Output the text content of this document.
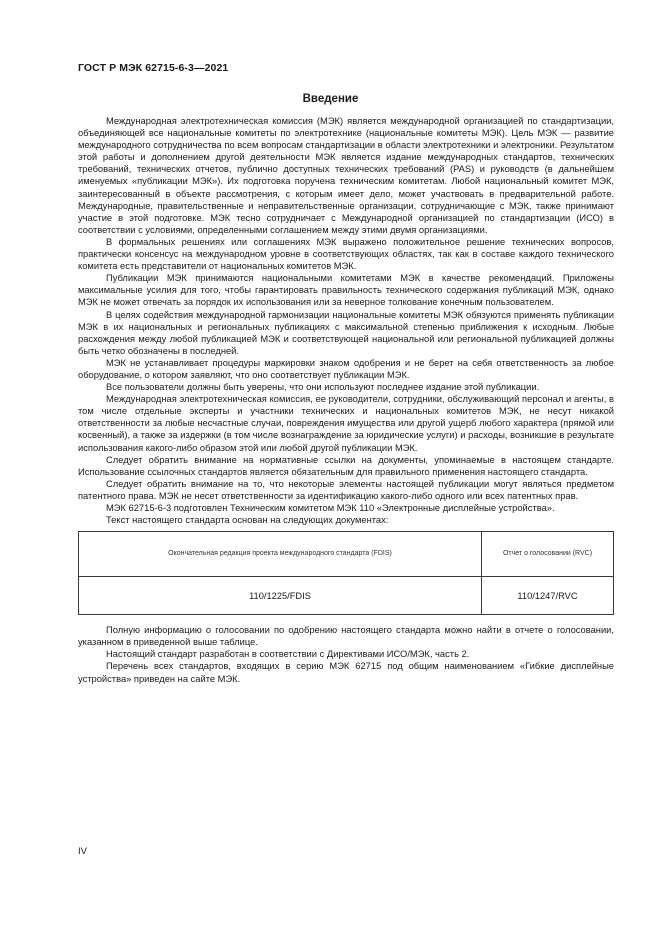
ГОСТ Р МЭК 62715-6-3—2021
Введение

Международная электротехническая комиссия (МЭК) является международной организацией по стандартизации, объединяющей все национальные комитеты по электротехнике (национальные комитеты МЭК). Цель МЭК — развитие международного сотрудничества по всем вопросам стандартизации в области электротехники и электроники. Результатом этой работы и дополнением другой деятельности МЭК является издание международных стандартов, технических требований, технических отчетов, публично доступных технических требований (PAS) и руководств (в дальнейшем именуемых «публикации МЭК»). Их подготовка поручена техническим комитетам. Любой национальный комитет МЭК, заинтересованный в объекте рассмотрения, с которым имеет дело, может участвовать в предварительной работе. Международные, правительственные и неправительственные организации, сотрудничающие с МЭК, также принимают участие в этой подготовке. МЭК тесно сотрудничает с Международной организацией по стандартизации (ИСО) в соответствии с условиями, определенными соглашением между этими двумя организациями.

В формальных решениях или соглашениях МЭК выражено положительное решение технических вопросов, практически консенсус на международном уровне в соответствующих областях, так как в составе каждого технического комитета есть представители от национальных комитетов МЭК.

Публикации МЭК принимаются национальными комитетами МЭК в качестве рекомендаций. Приложены максимальные усилия для того, чтобы гарантировать правильность технического содержания публикаций МЭК, однако МЭК не может отвечать за порядок их использования или за неверное толкование конечным пользователем.

В целях содействия международной гармонизации национальные комитеты МЭК обязуются применять публикации МЭК в их национальных и региональных публикациях с максимальной степенью приближения к исходным. Любые расхождения между любой публикацией МЭК и соответствующей национальной или региональной публикацией должны быть четко обозначены в последней.

МЭК не устанавливает процедуры маркировки знаком одобрения и не берет на себя ответственность за любое оборудование, о котором заявляют, что оно соответствует публикации МЭК.

Все пользователи должны быть уверены, что они используют последнее издание этой публикации.

Международная электротехническая комиссия, ее руководители, сотрудники, обслуживающий персонал и агенты, в том числе отдельные эксперты и участники технических и национальных комитетов МЭК, не несут никакой ответственности за любые несчастные случаи, повреждения имущества или другой ущерб любого характера (прямой или косвенный), а также за издержки (в том числе вознаграждение за юридические услуги) и расходы, возникшие в результате использования какого-либо образом этой или любой другой публикации МЭК.

Следует обратить внимание на нормативные ссылки на документы, упоминаемые в настоящем стандарте. Использование ссылочных стандартов является обязательным для правильного применения настоящего стандарта.

Следует обратить внимание на то, что некоторые элементы настоящей публикации могут являться предметом патентного права. МЭК не несет ответственности за идентификацию какого-либо одного или всех патентных прав.

МЭК 62715-6-3 подготовлен Техническим комитетом МЭК 110 «Электронные дисплейные устройства».

Текст настоящего стандарта основан на следующих документах:

Окончательная редакция проекта международного стандарта (FDIS)	Отчет о голосовании (RVC)
110/1225/FDIS	110/1247/RVC

Полную информацию о голосовании по одобрению настоящего стандарта можно найти в отчете о голосовании, указанном в приведенной выше таблице.

Настоящий стандарт разработан в соответствии с Директивами ИСО/МЭК, часть 2.

Перечень всех стандартов, входящих в серию МЭК 62715 под общим наименованием «Гибкие дисплейные устройства» приведен на сайте МЭК.

IV
